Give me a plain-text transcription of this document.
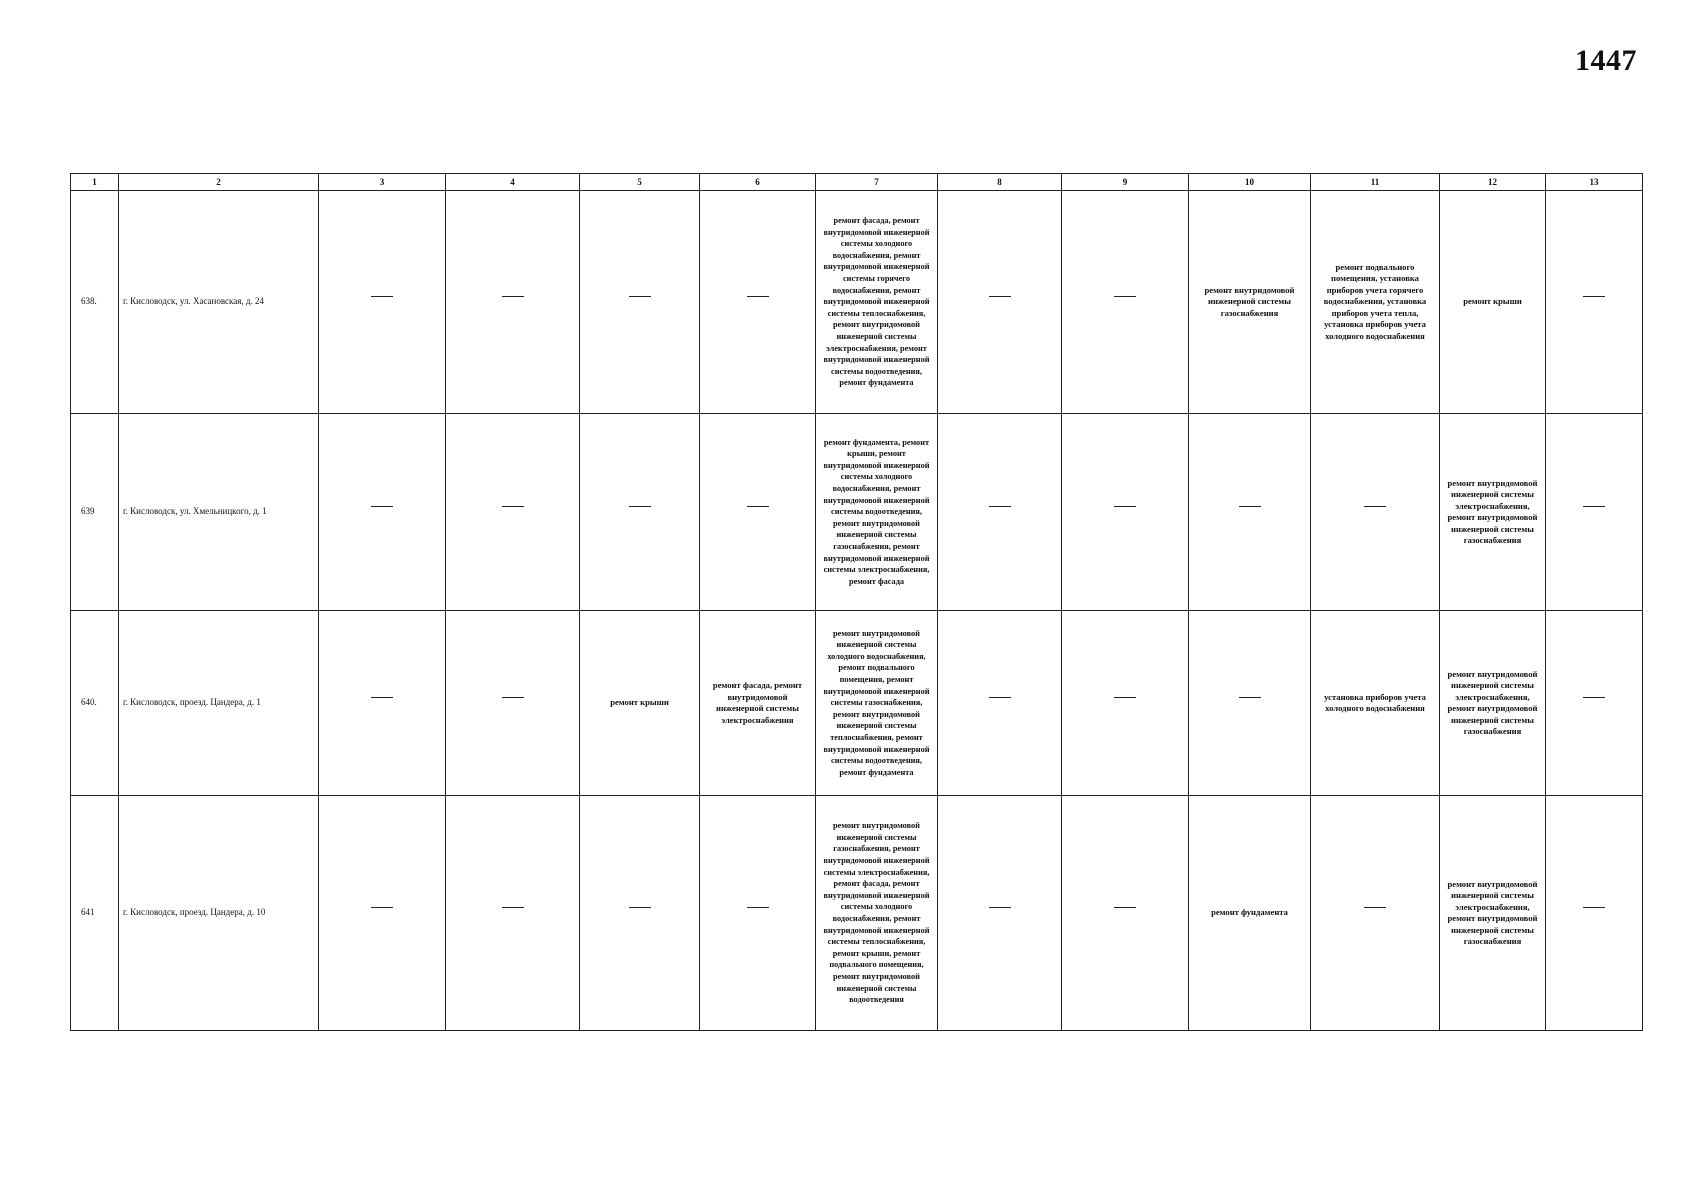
1447
1	2	3	4	5	6	7	8	9	10	11	12	13
638.	г. Кисловодск, ул. Хасановская, д. 24					ремонт фасада, ремонт внутридомовой инженерной системы холодного водоснабжения, ремонт внутридомовой инженерной системы горячего водоснабжения, ремонт внутридомовой инженерной системы теплоснабжения, ремонт внутридомовой инженерной системы электроснабжения, ремонт внутридомовой инженерной системы водоотведения, ремонт фундамента			ремонт внутридомовой инженерной системы газоснабжения	ремонт подвального помещения, установка приборов учета горячего водоснабжения, установка приборов учета тепла, установка приборов учета холодного водоснабжения	ремонт крыши	
639	г. Кисловодск, ул. Хмельницкого, д. 1					ремонт фундамента, ремонт крыши, ремонт внутридомовой инженерной системы холодного водоснабжения, ремонт внутридомовой инженерной системы водоотведения, ремонт внутридомовой инженерной системы газоснабжения, ремонт внутридомовой инженерной системы электроснабжения, ремонт фасада					ремонт внутридомовой инженерной системы электроснабжения, ремонт внутридомовой инженерной системы газоснабжения	
640.	г. Кисловодск, проезд. Цандера, д. 1			ремонт крыши	ремонт фасада, ремонт внутридомовой инженерной системы электроснабжения	ремонт внутридомовой инженерной системы холодного водоснабжения, ремонт подвального помещения, ремонт внутридомовой инженерной системы газоснабжения, ремонт внутридомовой инженерной системы теплоснабжения, ремонт внутридомовой инженерной системы водоотведения, ремонт фундамента				установка приборов учета холодного водоснабжения	ремонт внутридомовой инженерной системы электроснабжения, ремонт внутридомовой инженерной системы газоснабжения	
641	г. Кисловодск, проезд. Цандера, д. 10					ремонт внутридомовой инженерной системы газоснабжения, ремонт внутридомовой инженерной системы электроснабжения, ремонт фасада, ремонт внутридомовой инженерной системы холодного водоснабжения, ремонт внутридомовой инженерной системы теплоснабжения, ремонт крыши, ремонт подвального помещения, ремонт внутридомовой инженерной системы водоотведения			ремонт фундамента		ремонт внутридомовой инженерной системы электроснабжения, ремонт внутридомовой инженерной системы газоснабжения	
